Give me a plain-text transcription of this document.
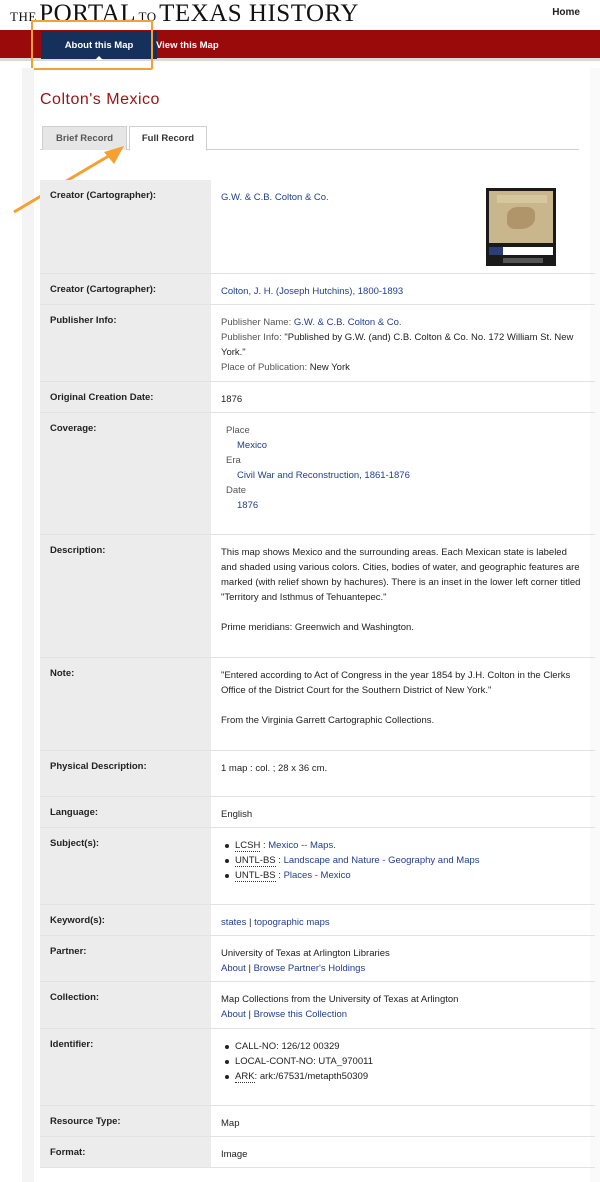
THE PORTAL TO TEXAS HISTORY	Home
About this Map	View this Map
Colton's Mexico
Brief Record	Full Record
Creator (Cartographer):	G.W. & C.B. Colton & Co.
Creator (Cartographer):	Colton, J. H. (Joseph Hutchins), 1800-1893
Publisher Info:	Publisher Name: G.W. & C.B. Colton & Co.
Publisher Info: "Published by G.W. (and) C.B. Colton & Co. No. 172 William St. New York."
Place of Publication: New York
Original Creation Date:	1876
Coverage:	Place
Mexico
Era
Civil War and Reconstruction, 1861-1876
Date
1876
Description:	This map shows Mexico and the surrounding areas. Each Mexican state is labeled and shaded using various colors. Cities, bodies of water, and geographic features are marked (with relief shown by hachures). There is an inset in the lower left corner titled "Territory and Isthmus of Tehuantepec."
Prime meridians: Greenwich and Washington.
Note:	"Entered according to Act of Congress in the year 1854 by J.H. Colton in the Clerks Office of the District Court for the Southern District of New York."
From the Virginia Garrett Cartographic Collections.
Physical Description:	1 map : col. ; 28 x 36 cm.
Language:	English
Subject(s):	LCSH : Mexico -- Maps.
UNTL-BS : Landscape and Nature - Geography and Maps
UNTL-BS : Places - Mexico
Keyword(s):	states | topographic maps
Partner:	University of Texas at Arlington Libraries
About | Browse Partner's Holdings
Collection:	Map Collections from the University of Texas at Arlington
About | Browse this Collection
Identifier:	CALL-NO: 126/12 00329
LOCAL-CONT-NO: UTA_970011
ARK: ark:/67531/metapth50309
Resource Type:	Map
Format:	Image
